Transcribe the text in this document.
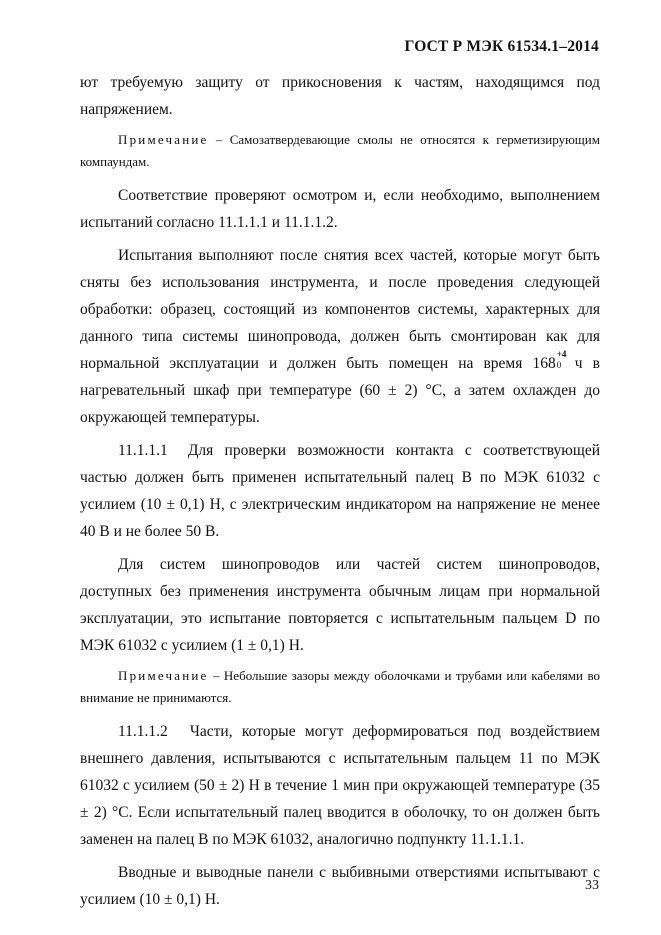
ГОСТ Р МЭК 61534.1–2014

ют требуемую защиту от прикосновения к частям, находящимся под напряжением.

Примечание – Самозатвердевающие смолы не относятся к герметизирующим компаундам.

Соответствие проверяют осмотром и, если необходимо, выполнением испытаний согласно 11.1.1.1 и 11.1.1.2.

Испытания выполняют после снятия всех частей, которые могут быть сняты без использования инструмента, и после проведения следующей обработки: образец, состоящий из компонентов системы, характерных для данного типа системы шинопровода, должен быть смонтирован как для нормальной эксплуатации и должен быть помещен на время 168
+4
0 ч в нагревательный шкаф при температуре (60 ± 2) °С, а затем охлажден до окружающей температуры.

11.1.1.1 Для проверки возможности контакта с соответствующей частью должен быть применен испытательный палец B по МЭК 61032 с усилием (10 ± 0,1) Н, с электрическим индикатором на напряжение не менее 40 В и не более 50 В.

Для систем шинопроводов или частей систем шинопроводов, доступных без применения инструмента обычным лицам при нормальной эксплуатации, это испытание повторяется с испытательным пальцем D по МЭК 61032 с усилием (1 ± 0,1) Н.

Примечание – Небольшие зазоры между оболочками и трубами или кабелями во внимание не принимаются.

11.1.1.2 Части, которые могут деформироваться под воздействием внешнего давления, испытываются с испытательным пальцем 11 по МЭК 61032 с усилием (50 ± 2) Н в течение 1 мин при окружающей температуре (35 ± 2) °С. Если испытательный палец вводится в оболочку, то он должен быть заменен на палец B по МЭК 61032, аналогично подпункту 11.1.1.1.

Вводные и выводные панели с выбивными отверстиями испытывают с усилием (10 ± 0,1) Н.

33
